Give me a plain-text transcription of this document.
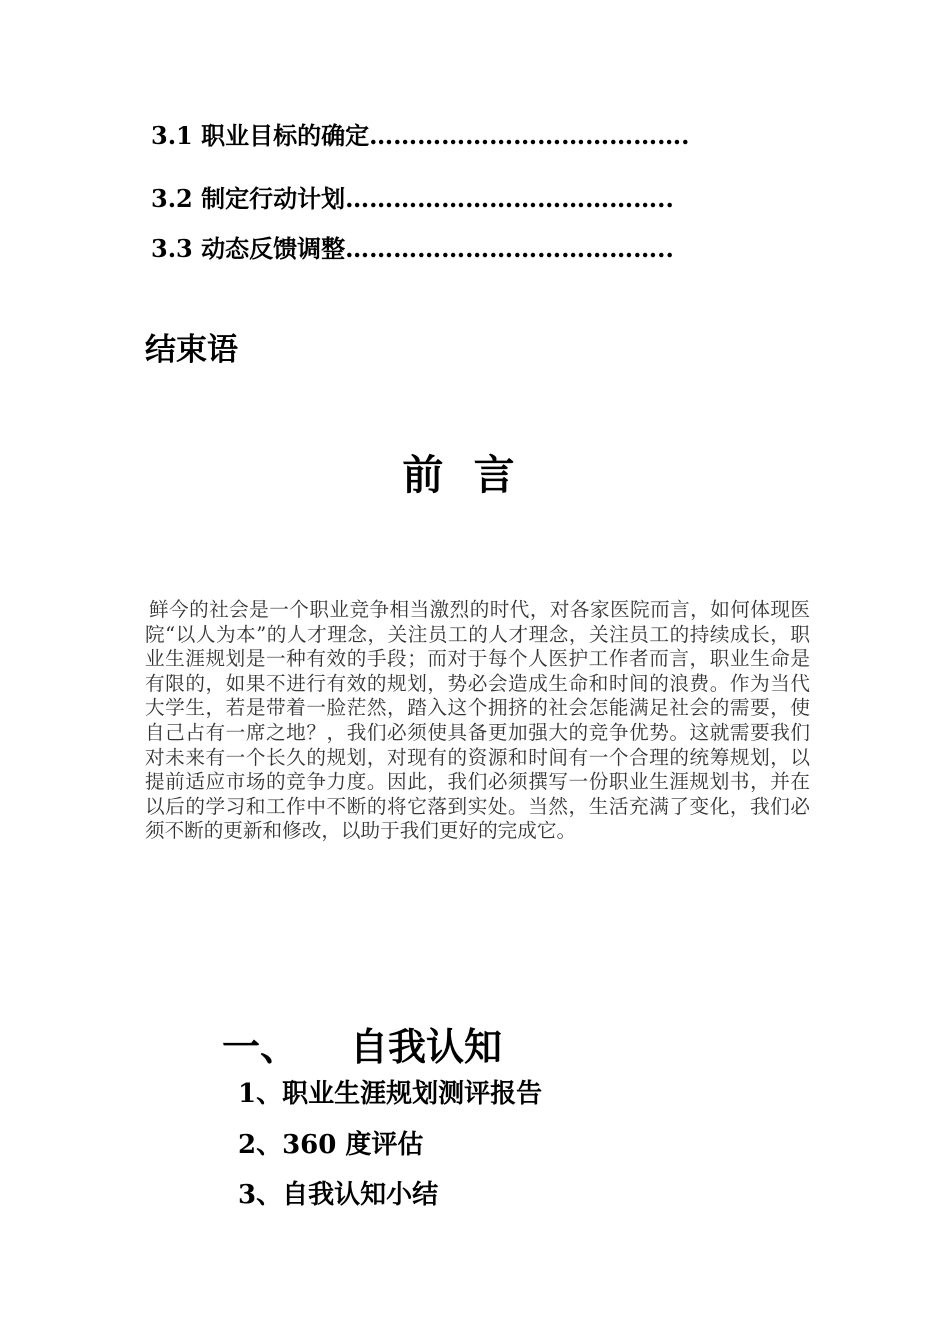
3.1 职业目标的确定………………………………….
3.2 制定行动计划…………………………………..
3.3 动态反馈调整…………………………………..
结束语
前 言
鲜今的社会是一个职业竞争相当激烈的时代，对各家医院而言，如何体现医院“以人为本”的人才理念，关注员工的人才理念，关注员工的持续成长，职业生涯规划是一种有效的手段；而对于每个人医护工作者而言，职业生命是有限的，如果不进行有效的规划，势必会造成生命和时间的浪费。作为当代大学生，若是带着一脸茫然，踏入这个拥挤的社会怎能满足社会的需要，使自己占有一席之地？，我们必须使具备更加强大的竞争优势。这就需要我们对未来有一个长久的规划，对现有的资源和时间有一个合理的统筹规划，以提前适应市场的竞争力度。因此，我们必须撰写一份职业生涯规划书，并在以后的学习和工作中不断的将它落到实处。当然，生活充满了变化，我们必须不断的更新和修改，以助于我们更好的完成它。
一、 自我认知
1、职业生涯规划测评报告
2、360 度评估
3、自我认知小结
